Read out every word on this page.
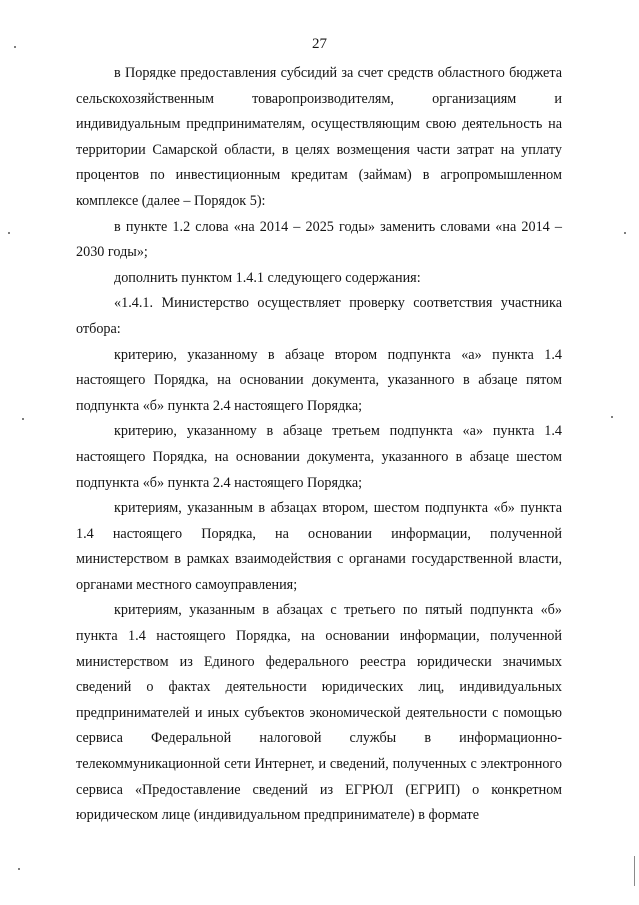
27

в Порядке предоставления субсидий за счет средств областного бюджета сельскохозяйственным товаропроизводителям, организациям и индивидуальным предпринимателям, осуществляющим свою деятельность на территории Самарской области, в целях возмещения части затрат на уплату процентов по инвестиционным кредитам (займам) в агропромышленном комплексе (далее – Порядок 5):

в пункте 1.2 слова «на 2014 – 2025 годы» заменить словами «на 2014 – 2030 годы»;

дополнить пунктом 1.4.1 следующего содержания:

«1.4.1. Министерство осуществляет проверку соответствия участника отбора:

критерию, указанному в абзаце втором подпункта «а» пункта 1.4 настоящего Порядка, на основании документа, указанного в абзаце пятом подпункта «б» пункта 2.4 настоящего Порядка;

критерию, указанному в абзаце третьем подпункта «а» пункта 1.4 настоящего Порядка, на основании документа, указанного в абзаце шестом подпункта «б» пункта 2.4 настоящего Порядка;

критериям, указанным в абзацах втором, шестом подпункта «б» пункта 1.4 настоящего Порядка, на основании информации, полученной министерством в рамках взаимодействия с органами государственной власти, органами местного самоуправления;

критериям, указанным в абзацах с третьего по пятый подпункта «б» пункта 1.4 настоящего Порядка, на основании информации, полученной министерством из Единого федерального реестра юридически значимых сведений о фактах деятельности юридических лиц, индивидуальных предпринимателей и иных субъектов экономической деятельности с помощью сервиса Федеральной налоговой службы в информационно-телекоммуникационной сети Интернет, и сведений, полученных с электронного сервиса «Предоставление сведений из ЕГРЮЛ (ЕГРИП) о конкретном юридическом лице (индивидуальном предпринимателе) в формате
